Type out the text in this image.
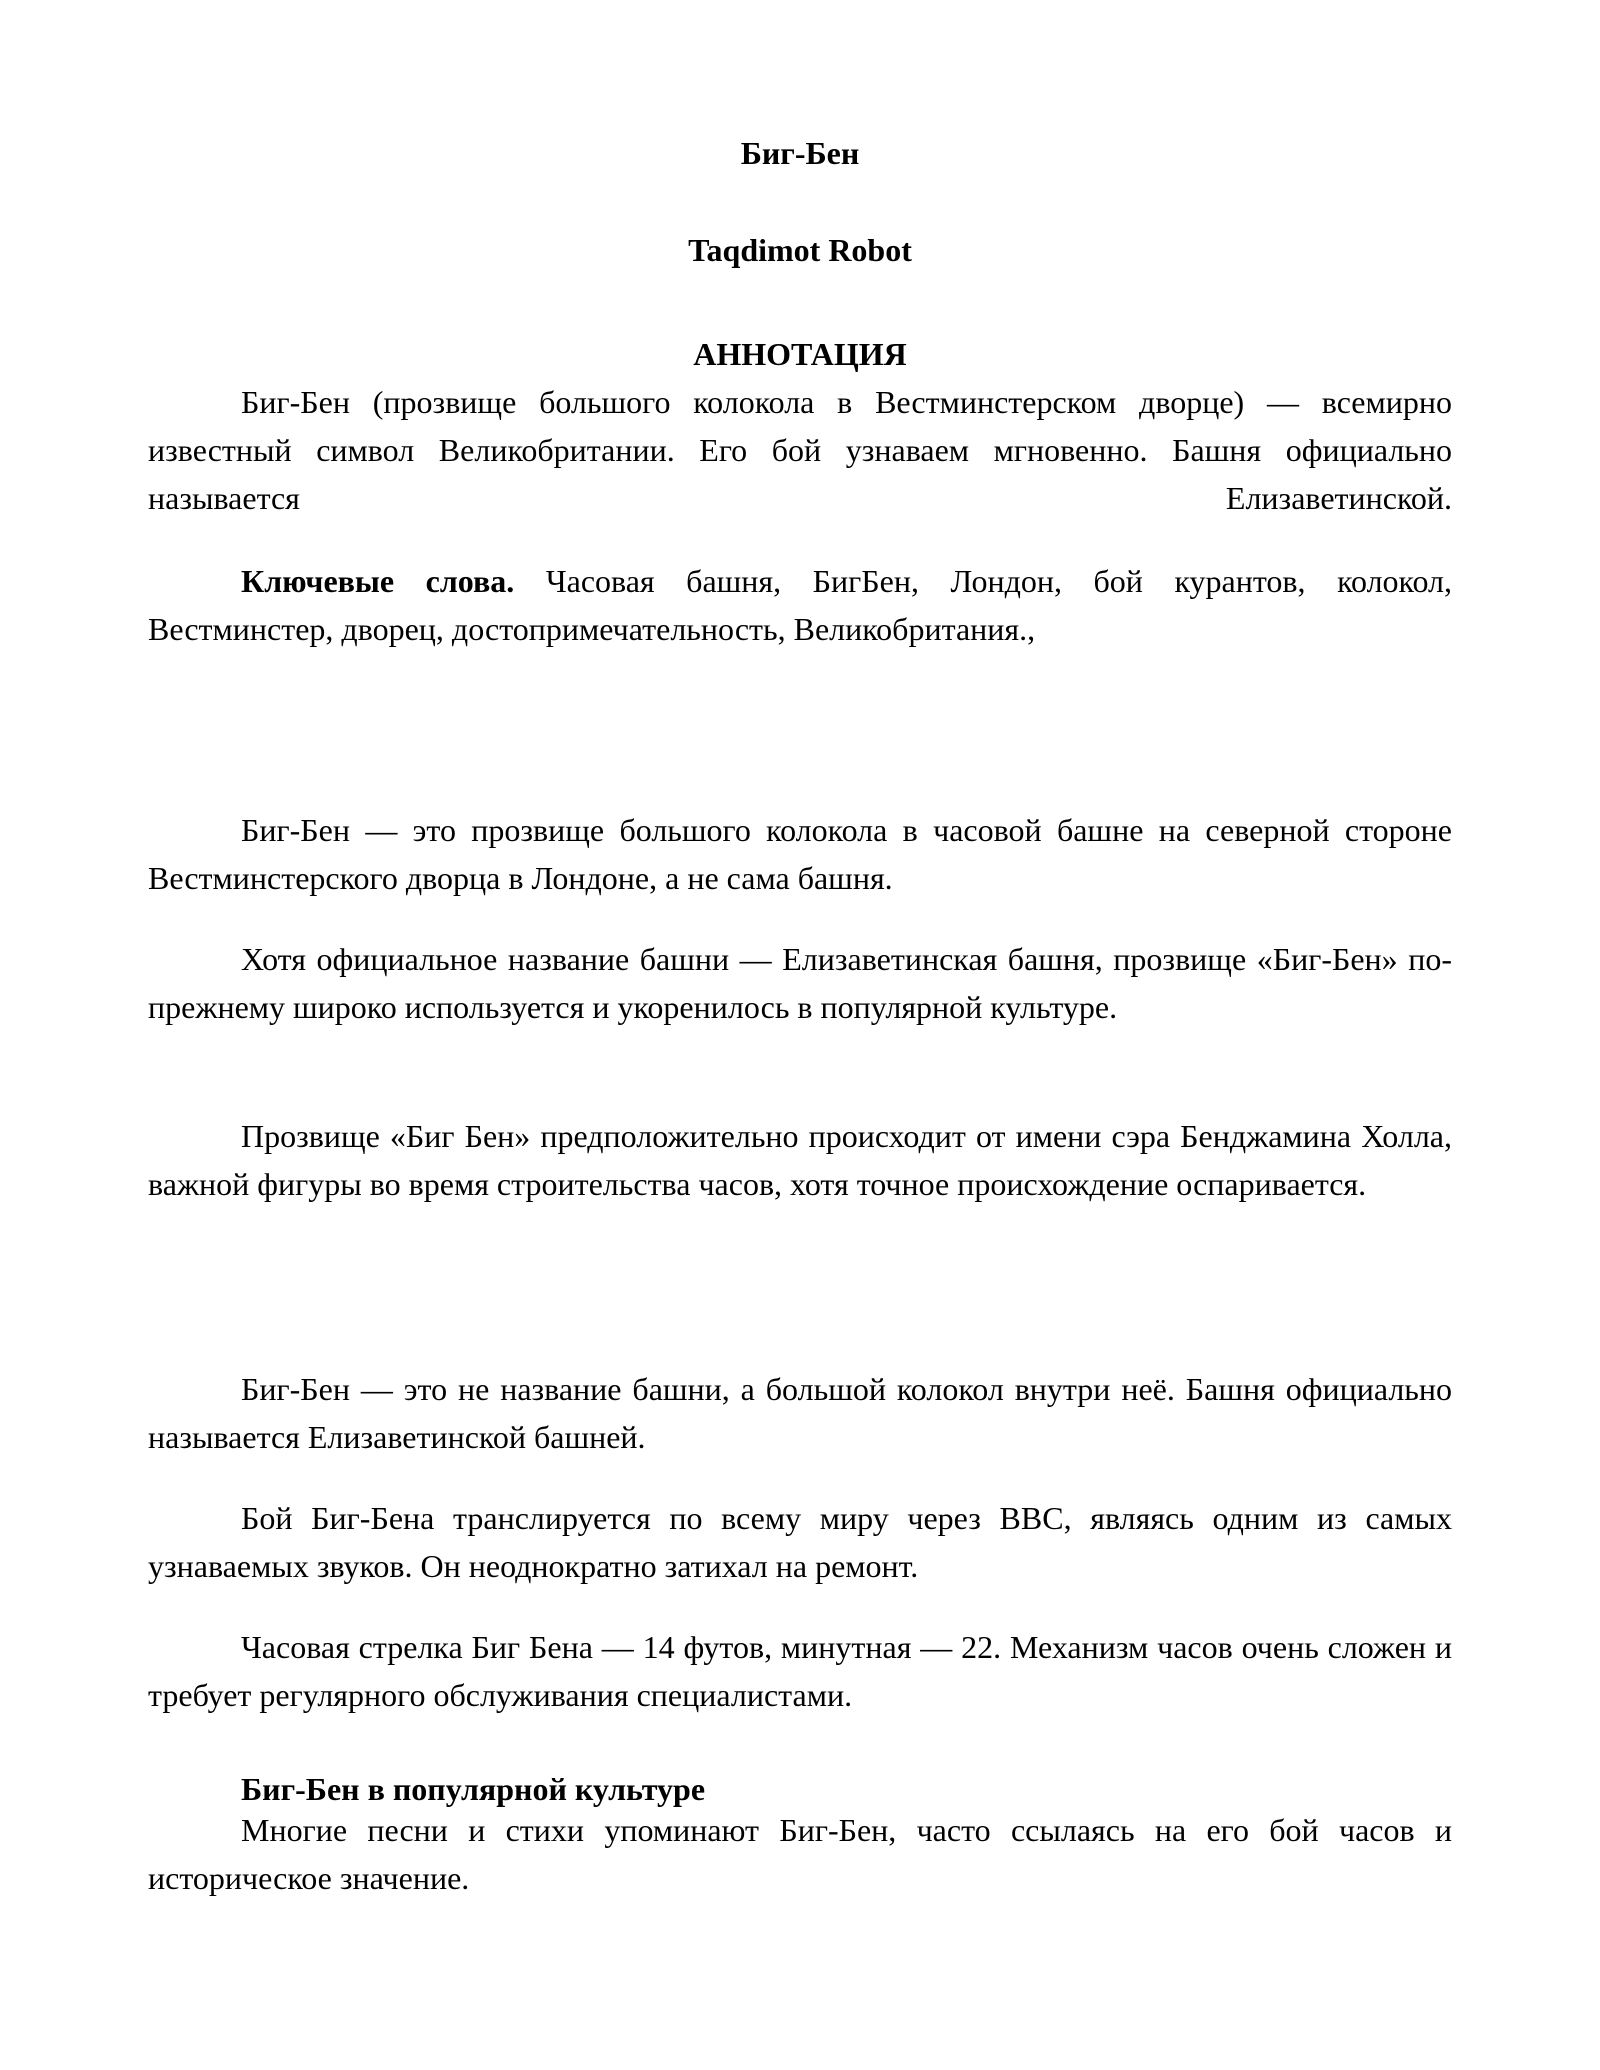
Биг-Бен
Taqdimot Robot
АННОТАЦИЯ

Биг-Бен (прозвище большого колокола в Вестминстерском дворце) — всемирно известный символ Великобритании. Его бой узнаваем мгновенно. Башня официально называется Елизаветинской.

Ключевые слова. Часовая башня, БигБен, Лондон, бой курантов, колокол, Вестминстер, дворец, достопримечательность, Великобритания.,

Биг-Бен — это прозвище большого колокола в часовой башне на северной стороне Вестминстерского дворца в Лондоне, а не сама башня.

Хотя официальное название башни — Елизаветинская башня, прозвище «Биг-Бен» по-прежнему широко используется и укоренилось в популярной культуре.

Прозвище «Биг Бен» предположительно происходит от имени сэра Бенджамина Холла, важной фигуры во время строительства часов, хотя точное происхождение оспаривается.

Биг-Бен — это не название башни, а большой колокол внутри неё. Башня официально называется Елизаветинской башней.

Бой Биг-Бена транслируется по всему миру через BBC, являясь одним из самых узнаваемых звуков. Он неоднократно затихал на ремонт.

Часовая стрелка Биг Бена — 14 футов, минутная — 22. Механизм часов очень сложен и требует регулярного обслуживания специалистами.

Биг-Бен в популярной культуре

Многие песни и стихи упоминают Биг-Бен, часто ссылаясь на его бой часов и историческое значение.
